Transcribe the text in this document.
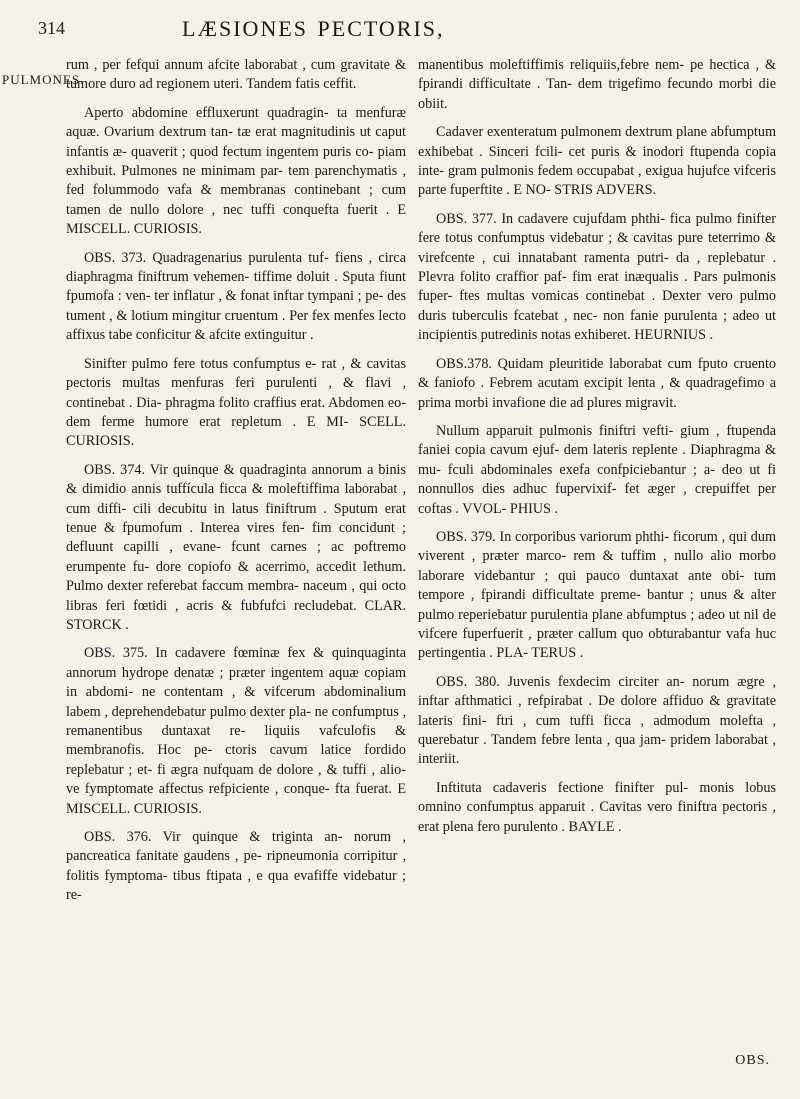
314	LÆSIONES PECTORIS,
PULMONES.

rum , per fefqui annum afcite laborabat , cum gravitate & tumore duro ad regionem uteri. Tandem fatis ceffit.

Aperto abdomine effluxerunt quadragin- ta menfuræ aquæ. Ovarium dextrum tan- tæ erat magnitudinis ut caput infantis æ- quaverit ; quod fectum ingentem puris co- piam exhibuit. Pulmones ne minimam par- tem parenchymatis , fed folummodo vafa & membranas continebant ; cum tamen de nullo dolore , nec tuffi conquefta fuerit . E MISCELL. CURIOSIS.

OBS. 373. Quadragenarius purulenta tuf- fiens , circa diaphragma finiftrum vehemen- tiffime doluit . Sputa fiunt fpumofa : ven- ter inflatur , & fonat inftar tympani ; pe- des tument , & lotium mingitur cruentum . Per fex menfes lecto affixus tabe conficitur & afcite extinguitur .

Sinifter pulmo fere totus confumptus e- rat , & cavitas pectoris multas menfuras feri purulenti , & flavi , continebat . Dia- phragma folito craffius erat. Abdomen eo- dem ferme humore erat repletum . E MI- SCELL. CURIOSIS.

OBS. 374. Vir quinque & quadraginta annorum a binis & dimidio annis tuffícula ficca & moleftiffima laborabat , cum diffi- cili decubitu in latus finiftrum . Sputum erat tenue & fpumofum . Interea vires fen- fim concidunt ; defluunt capilli , evane- fcunt carnes ; ac poftremo erumpente fu- dore copiofo & acerrimo, accedit lethum. Pulmo dexter referebat faccum membra- naceum , qui octo libras feri fœtidi , acris & fubfufci recludebat. CLAR. STORCK .

OBS. 375. In cadavere fœminæ fex & quinquaginta annorum hydrope denatæ ; præter ingentem aquæ copiam in abdomi- ne contentam , & vifcerum abdominalium labem , deprehendebatur pulmo dexter pla- ne confumptus , remanentibus duntaxat re- liquiis vafculofis & membranofis. Hoc pe- ctoris cavum latice fordido replebatur ; et- fi ægra nufquam de dolore , & tuffi , alio- ve fymptomate affectus refpiciente , conque- fta fuerat. E MISCELL. CURIOSIS.

OBS. 376. Vir quinque & triginta an- norum , pancreatica fanitate gaudens , pe- ripneumonia corripitur , folitis fymptoma- tibus ftipata , e qua evafiffe videbatur ; re-

manentibus moleftiffimis reliquiis,febre nem- pe hectica , & fpirandi difficultate . Tan- dem trigefimo fecundo morbi die obiit.

Cadaver exenteratum pulmonem dextrum plane abfumptum exhibebat . Sinceri fcili- cet puris & inodori ftupenda copia inte- gram pulmonis fedem occupabat , exigua hujufce vifceris parte fuperftite . E NO- STRIS ADVERS.

OBS. 377. In cadavere cujufdam phthi- fica pulmo finifter fere totus confumptus videbatur ; & cavitas pure teterrimo & virefcente , cui innatabant ramenta putri- da , replebatur . Plevra folito craffior paf- fim erat inæqualis . Pars pulmonis fuper- ftes multas vomicas continebat . Dexter vero pulmo duris tuberculis fcatebat , nec- non fanie purulenta ; adeo ut incipientis putredinis notas exhiberet. HEURNIUS .

OBS.378. Quidam pleuritide laborabat cum fputo cruento & faniofo . Febrem acutam excipit lenta , & quadragefimo a prima morbi invafione die ad plures migravit.

Nullum apparuit pulmonis finiftri vefti- gium , ftupenda faniei copia cavum ejuf- dem lateris replente . Diaphragma & mu- fculi abdominales exefa confpiciebantur ; a- deo ut fi nonnullos dies adhuc fupervixif- fet æger , crepuiffet per coftas . VVOL- PHIUS .

OBS. 379. In corporibus variorum phthi- ficorum , qui dum viverent , præter marco- rem & tuffim , nullo alio morbo laborare videbantur ; qui pauco duntaxat ante obi- tum tempore , fpirandi difficultate preme- bantur ; unus & alter pulmo reperiebatur purulentia plane abfumptus ; adeo ut nil de vifcere fuperfuerit , præter callum quo obturabantur vafa huc pertingentia . PLA- TERUS .

OBS. 380. Juvenis fexdecim circiter an- norum ægre , inftar afthmatici , refpirabat . De dolore affiduo & gravitate lateris fini- ftri , cum tuffi ficca , admodum molefta , querebatur . Tandem febre lenta , qua jam- pridem laborabat , interiit.

Inftituta cadaveris fectione finifter pul- monis lobus omnino confumptus apparuit . Cavitas vero finiftra pectoris , erat plena fero purulento . BAYLE .

OBS.
